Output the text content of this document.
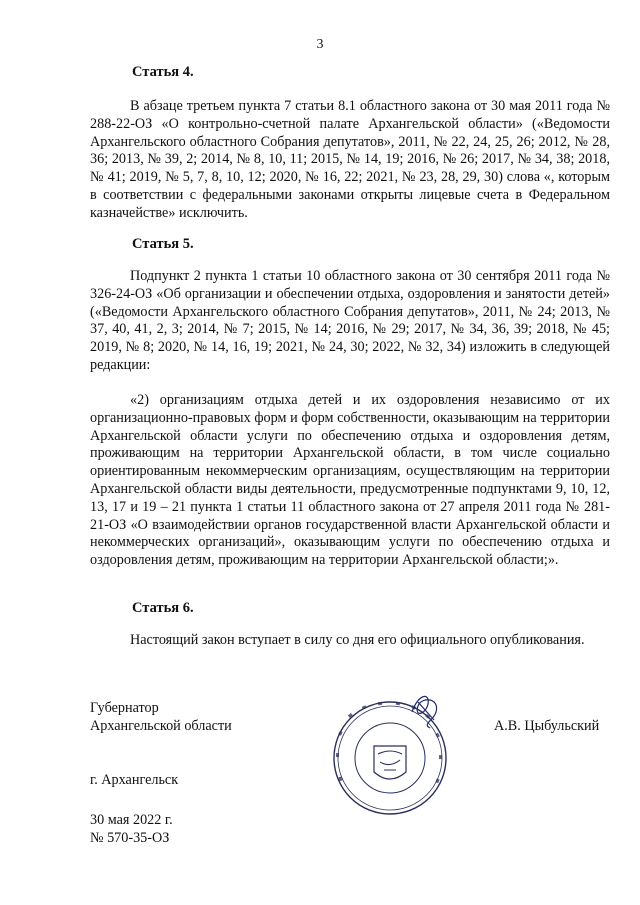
3
Статья 4.

В абзаце третьем пункта 7 статьи 8.1 областного закона от 30 мая 2011 года № 288-22-ОЗ «О контрольно-счетной палате Архангельской области» («Ведомости Архангельского областного Собрания депутатов», 2011, № 22, 24, 25, 26; 2012, № 28, 36; 2013, № 39, 2; 2014, № 8, 10, 11; 2015, № 14, 19; 2016, № 26; 2017, № 34, 38; 2018, № 41; 2019, № 5, 7, 8, 10, 12; 2020, № 16, 22; 2021, № 23, 28, 29, 30) слова «, которым в соответствии с федеральными законами открыты лицевые счета в Федеральном казначействе» исключить.

Статья 5.

Подпункт 2 пункта 1 статьи 10 областного закона от 30 сентября 2011 года № 326-24-ОЗ «Об организации и обеспечении отдыха, оздоровления и занятости детей» («Ведомости Архангельского областного Собрания депутатов», 2011, № 24; 2013, № 37, 40, 41, 2, 3; 2014, № 7; 2015, № 14; 2016, № 29; 2017, № 34, 36, 39; 2018, № 45; 2019, № 8; 2020, № 14, 16, 19; 2021, № 24, 30; 2022, № 32, 34) изложить в следующей редакции:

«2) организациям отдыха детей и их оздоровления независимо от их организационно-правовых форм и форм собственности, оказывающим на территории Архангельской области услуги по обеспечению отдыха и оздоровления детям, проживающим на территории Архангельской области, в том числе социально ориентированным некоммерческим организациям, осуществляющим на территории Архангельской области виды деятельности, предусмотренные подпунктами 9, 10, 12, 13, 17 и 19 – 21 пункта 1 статьи 11 областного закона от 27 апреля 2011 года № 281-21-ОЗ «О взаимодействии органов государственной власти Архангельской области и некоммерческих организаций», оказывающим услуги по обеспечению отдыха и оздоровления детям, проживающим на территории Архангельской области;».

Статья 6.

Настоящий закон вступает в силу со дня его официального опубликования.

Губернатор
Архангельской области	А.В. Цыбульский
г. Архангельск
30 мая 2022 г.
№ 570-35-ОЗ
